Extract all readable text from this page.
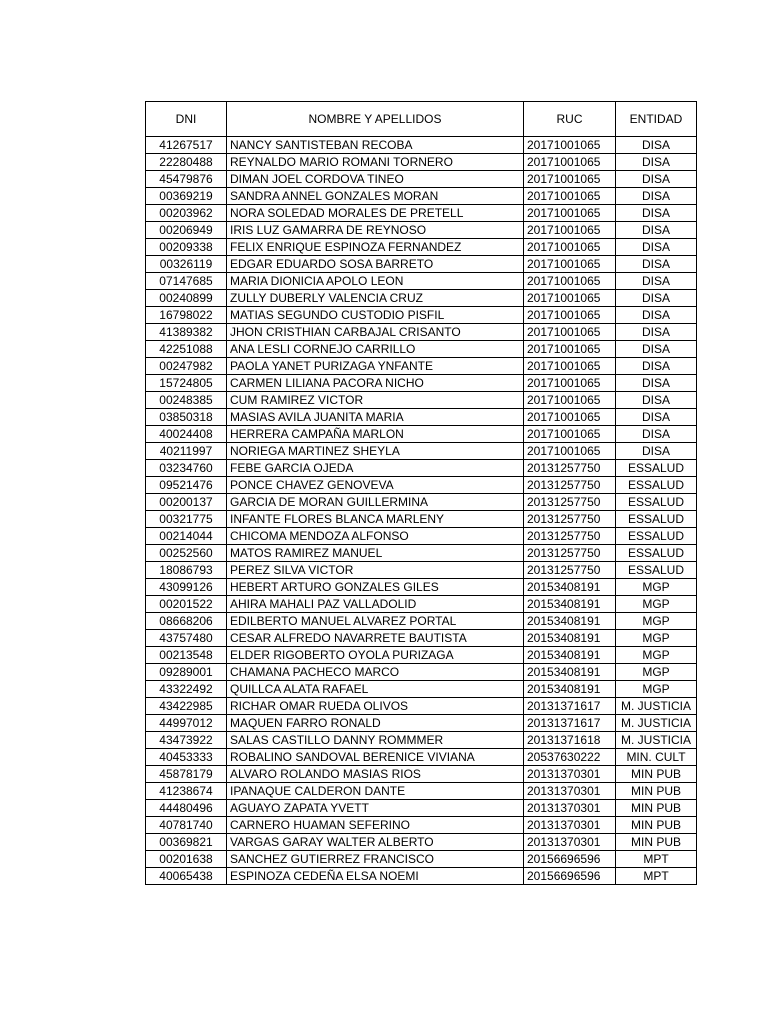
DNI	NOMBRE Y APELLIDOS	RUC	ENTIDAD
41267517	NANCY SANTISTEBAN RECOBA	20171001065	DISA
22280488	REYNALDO MARIO ROMANI TORNERO	20171001065	DISA
45479876	DIMAN JOEL CORDOVA TINEO	20171001065	DISA
00369219	SANDRA ANNEL GONZALES MORAN	20171001065	DISA
00203962	NORA SOLEDAD MORALES DE PRETELL	20171001065	DISA
00206949	IRIS LUZ GAMARRA DE REYNOSO	20171001065	DISA
00209338	FELIX ENRIQUE ESPINOZA FERNANDEZ	20171001065	DISA
00326119	EDGAR EDUARDO SOSA BARRETO	20171001065	DISA
07147685	MARIA DIONICIA APOLO LEON	20171001065	DISA
00240899	ZULLY DUBERLY VALENCIA CRUZ	20171001065	DISA
16798022	MATIAS SEGUNDO CUSTODIO PISFIL	20171001065	DISA
41389382	JHON CRISTHIAN CARBAJAL CRISANTO	20171001065	DISA
42251088	ANA LESLI CORNEJO CARRILLO	20171001065	DISA
00247982	PAOLA YANET PURIZAGA YNFANTE	20171001065	DISA
15724805	CARMEN LILIANA PACORA NICHO	20171001065	DISA
00248385	CUM RAMIREZ VICTOR	20171001065	DISA
03850318	MASIAS AVILA JUANITA MARIA	20171001065	DISA
40024408	HERRERA CAMPAÑA MARLON	20171001065	DISA
40211997	NORIEGA MARTINEZ SHEYLA	20171001065	DISA
03234760	FEBE GARCIA OJEDA	20131257750	ESSALUD
09521476	PONCE CHAVEZ GENOVEVA	20131257750	ESSALUD
00200137	GARCIA DE MORAN GUILLERMINA	20131257750	ESSALUD
00321775	INFANTE FLORES BLANCA MARLENY	20131257750	ESSALUD
00214044	CHICOMA MENDOZA ALFONSO	20131257750	ESSALUD
00252560	MATOS RAMIREZ MANUEL	20131257750	ESSALUD
18086793	PEREZ SILVA VICTOR	20131257750	ESSALUD
43099126	HEBERT ARTURO GONZALES GILES	20153408191	MGP
00201522	AHIRA MAHALI PAZ VALLADOLID	20153408191	MGP
08668206	EDILBERTO MANUEL ALVAREZ PORTAL	20153408191	MGP
43757480	CESAR ALFREDO NAVARRETE BAUTISTA	20153408191	MGP
00213548	ELDER RIGOBERTO OYOLA PURIZAGA	20153408191	MGP
09289001	CHAMANA PACHECO MARCO	20153408191	MGP
43322492	QUILLCA ALATA RAFAEL	20153408191	MGP
43422985	RICHAR OMAR RUEDA OLIVOS	20131371617	M. JUSTICIA
44997012	MAQUEN FARRO RONALD	20131371617	M. JUSTICIA
43473922	SALAS CASTILLO DANNY ROMMMER	20131371618	M. JUSTICIA
40453333	ROBALINO SANDOVAL BERENICE VIVIANA	20537630222	MIN. CULT
45878179	ALVARO ROLANDO MASIAS RIOS	20131370301	MIN PUB
41238674	IPANAQUE CALDERON DANTE	20131370301	MIN PUB
44480496	AGUAYO ZAPATA YVETT	20131370301	MIN PUB
40781740	CARNERO HUAMAN SEFERINO	20131370301	MIN PUB
00369821	VARGAS GARAY WALTER ALBERTO	20131370301	MIN PUB
00201638	SANCHEZ GUTIERREZ FRANCISCO	20156696596	MPT
40065438	ESPINOZA CEDEÑA ELSA NOEMI	20156696596	MPT
